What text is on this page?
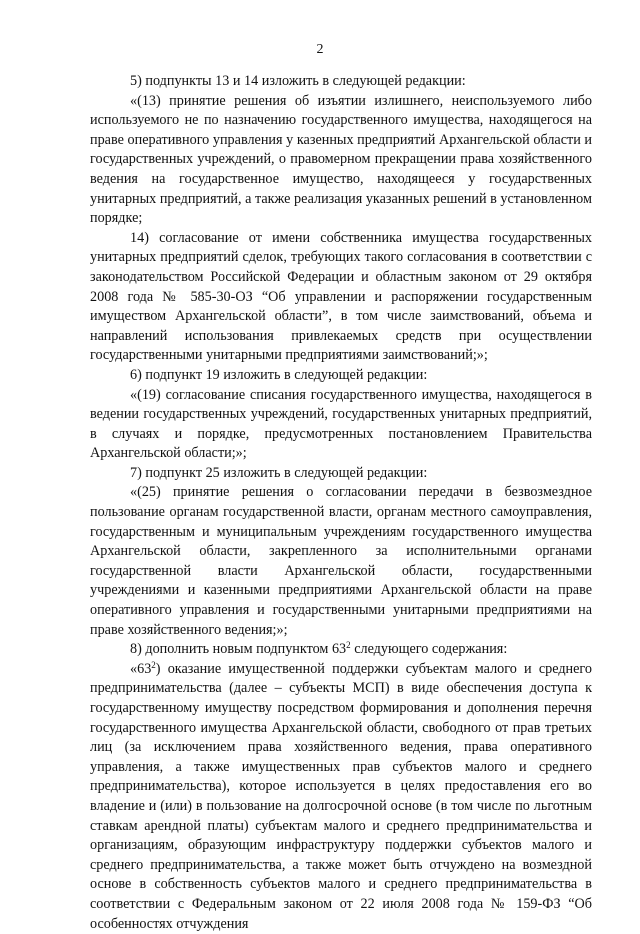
2

5) подпункты 13 и 14 изложить в следующей редакции:

«(13) принятие решения об изъятии излишнего, неиспользуемого либо используемого не по назначению государственного имущества, находящегося на праве оперативного управления у казенных предприятий Архангельской области и государственных учреждений, о правомерном прекращении права хозяйственного ведения на государственное имущество, находящееся у государственных унитарных предприятий, а также реализация указанных решений в установленном порядке;

14) согласование от имени собственника имущества государственных унитарных предприятий сделок, требующих такого согласования в соответствии с законодательством Российской Федерации и областным законом от 29 октября 2008 года № 585-30-ОЗ “Об управлении и распоряжении государственным имуществом Архангельской области”, в том числе заимствований, объема и направлений использования привлекаемых средств при осуществлении государственными унитарными предприятиями заимствований;»;

6) подпункт 19 изложить в следующей редакции:

«(19) согласование списания государственного имущества, находящегося в ведении государственных учреждений, государственных унитарных предприятий, в случаях и порядке, предусмотренных постановлением Правительства Архангельской области;»;

7) подпункт 25 изложить в следующей редакции:

«(25) принятие решения о согласовании передачи в безвозмездное пользование органам государственной власти, органам местного самоуправления, государственным и муниципальным учреждениям государственного имущества Архангельской области, закрепленного за исполнительными органами государственной власти Архангельской области, государственными учреждениями и казенными предприятиями Архангельской области на праве оперативного управления и государственными унитарными предприятиями на праве хозяйственного ведения;»;

8) дополнить новым подпунктом $63^2$ следующего содержания:

«$63^2$) оказание имущественной поддержки субъектам малого и среднего предпринимательства (далее – субъекты МСП) в виде обеспечения доступа к государственному имуществу посредством формирования и дополнения перечня государственного имущества Архангельской области, свободного от прав третьих лиц (за исключением права хозяйственного ведения, права оперативного управления, а также имущественных прав субъектов малого и среднего предпринимательства), которое используется в целях предоставления его во владение и (или) в пользование на долгосрочной основе (в том числе по льготным ставкам арендной платы) субъектам малого и среднего предпринимательства и организациям, образующим инфраструктуру поддержки субъектов малого и среднего предпринимательства, а также может быть отчуждено на возмездной основе в собственность субъектов малого и среднего предпринимательства в соответствии с Федеральным законом от 22 июля 2008 года № 159-ФЗ “Об особенностях отчуждения
